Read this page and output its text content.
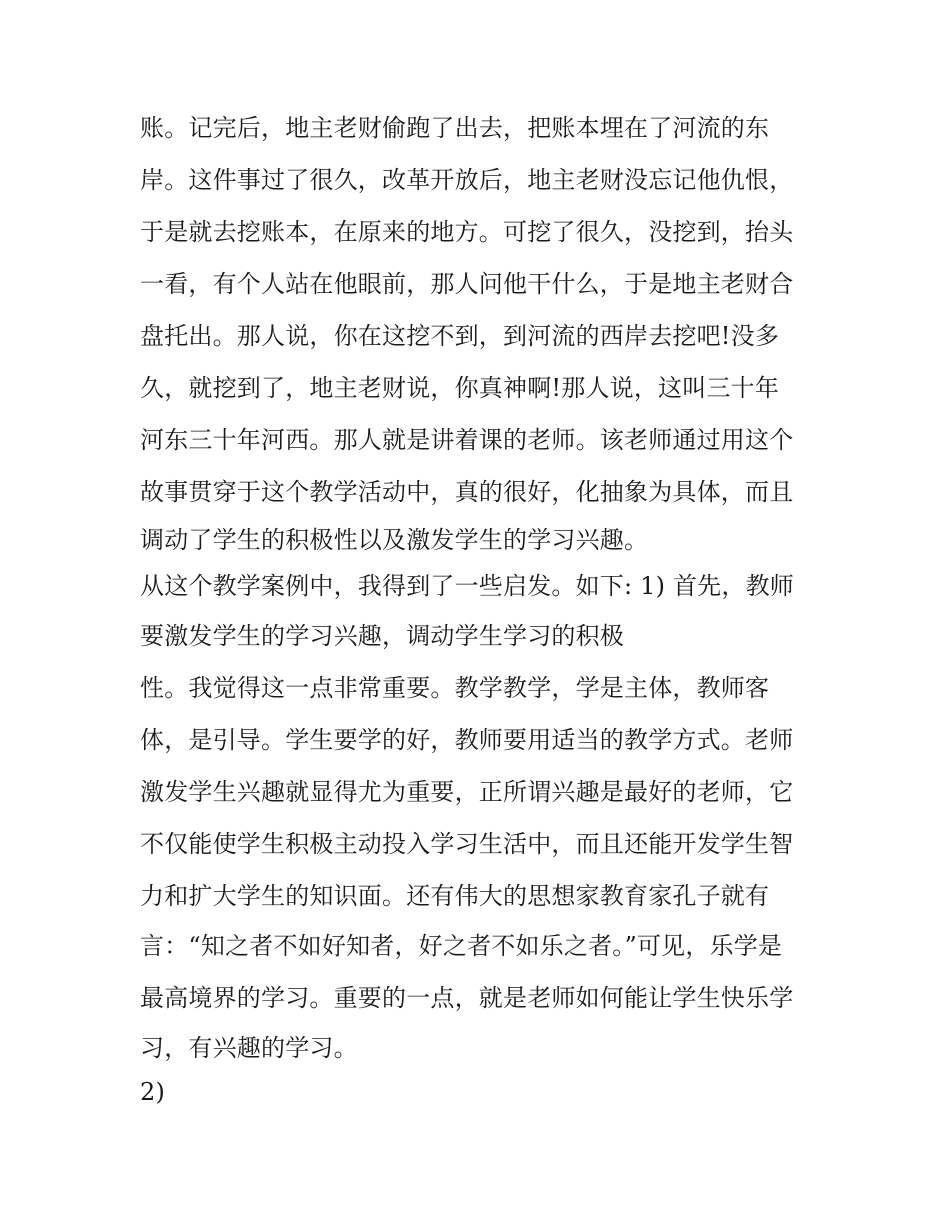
账。记完后，地主老财偷跑了出去，把账本埋在了河流的东
岸。这件事过了很久，改革开放后，地主老财没忘记他仇恨，
于是就去挖账本，在原来的地方。可挖了很久，没挖到，抬头
一看，有个人站在他眼前，那人问他干什么，于是地主老财合
盘托出。那人说，你在这挖不到，到河流的西岸去挖吧!没多
久，就挖到了，地主老财说，你真神啊!那人说，这叫三十年
河东三十年河西。那人就是讲着课的老师。该老师通过用这个
故事贯穿于这个教学活动中，真的很好，化抽象为具体，而且
调动了学生的积极性以及激发学生的学习兴趣。
从这个教学案例中，我得到了一些启发。如下: 1) 首先，教师
要激发学生的学习兴趣，调动学生学习的积极
性。我觉得这一点非常重要。教学教学，学是主体，教师客
体，是引导。学生要学的好，教师要用适当的教学方式。老师
激发学生兴趣就显得尤为重要，正所谓兴趣是最好的老师，它
不仅能使学生积极主动投入学习生活中，而且还能开发学生智
力和扩大学生的知识面。还有伟大的思想家教育家孔子就有
言：“知之者不如好知者，好之者不如乐之者。”可见，乐学是
最高境界的学习。重要的一点，就是老师如何能让学生快乐学
习，有兴趣的学习。
2)
